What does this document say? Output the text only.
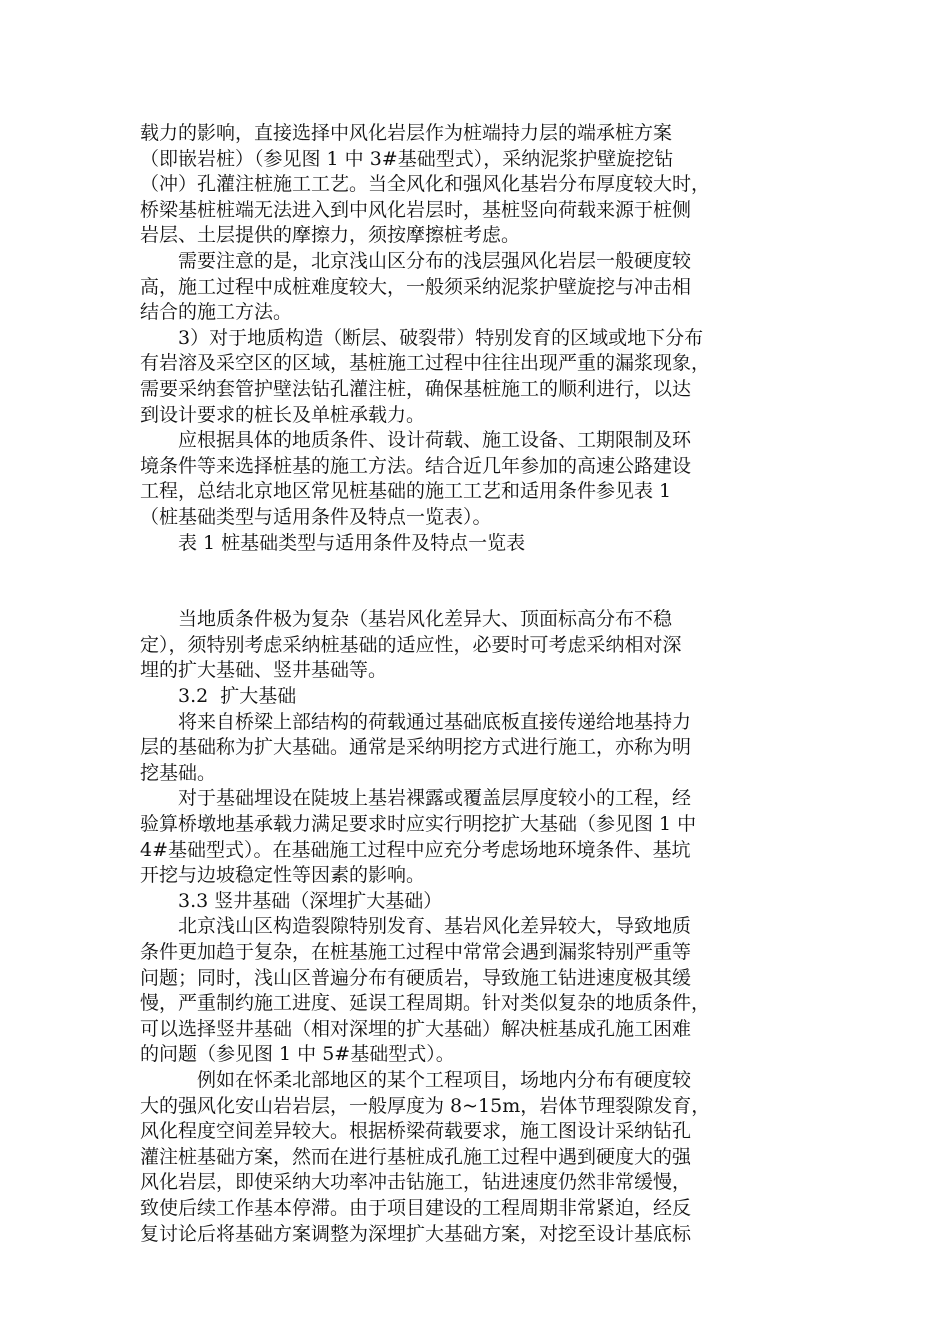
载力的影响，直接选择中风化岩层作为桩端持力层的端承桩方案
（即嵌岩桩）（参见图 1 中 3#基础型式），采纳泥浆护壁旋挖钻
（冲）孔灌注桩施工工艺。当全风化和强风化基岩分布厚度较大时，
桥梁基桩桩端无法进入到中风化岩层时，基桩竖向荷载来源于桩侧
岩层、土层提供的摩擦力，须按摩擦桩考虑。
　　需要注意的是，北京浅山区分布的浅层强风化岩层一般硬度较
高，施工过程中成桩难度较大，一般须采纳泥浆护壁旋挖与冲击相
结合的施工方法。
　　3）对于地质构造（断层、破裂带）特别发育的区域或地下分布
有岩溶及采空区的区域，基桩施工过程中往往出现严重的漏浆现象，
需要采纳套管护壁法钻孔灌注桩，确保基桩施工的顺利进行，以达
到设计要求的桩长及单桩承载力。
　　应根据具体的地质条件、设计荷载、施工设备、工期限制及环
境条件等来选择桩基的施工方法。结合近几年参加的高速公路建设
工程，总结北京地区常见桩基础的施工工艺和适用条件参见表 1
（桩基础类型与适用条件及特点一览表）。
　　表 1 桩基础类型与适用条件及特点一览表
　　当地质条件极为复杂（基岩风化差异大、顶面标高分布不稳
定），须特别考虑采纳桩基础的适应性，必要时可考虑采纳相对深
埋的扩大基础、竖井基础等。
　　3.2  扩大基础
　　将来自桥梁上部结构的荷载通过基础底板直接传递给地基持力
层的基础称为扩大基础。通常是采纳明挖方式进行施工，亦称为明
挖基础。
　　对于基础埋设在陡坡上基岩裸露或覆盖层厚度较小的工程，经
验算桥墩地基承载力满足要求时应实行明挖扩大基础（参见图 1 中
4#基础型式）。在基础施工过程中应充分考虑场地环境条件、基坑
开挖与边坡稳定性等因素的影响。
　　3.3 竖井基础（深埋扩大基础）
　　北京浅山区构造裂隙特别发育、基岩风化差异较大，导致地质
条件更加趋于复杂，在桩基施工过程中常常会遇到漏浆特别严重等
问题；同时，浅山区普遍分布有硬质岩，导致施工钻进速度极其缓
慢，严重制约施工进度、延误工程周期。针对类似复杂的地质条件，
可以选择竖井基础（相对深埋的扩大基础）解决桩基成孔施工困难
的问题（参见图 1 中 5#基础型式）。
　　　例如在怀柔北部地区的某个工程项目，场地内分布有硬度较
大的强风化安山岩岩层，一般厚度为 8~15m，岩体节理裂隙发育，
风化程度空间差异较大。根据桥梁荷载要求，施工图设计采纳钻孔
灌注桩基础方案，然而在进行基桩成孔施工过程中遇到硬度大的强
风化岩层，即使采纳大功率冲击钻施工，钻进速度仍然非常缓慢，
致使后续工作基本停滞。由于项目建设的工程周期非常紧迫，经反
复讨论后将基础方案调整为深埋扩大基础方案，对挖至设计基底标
